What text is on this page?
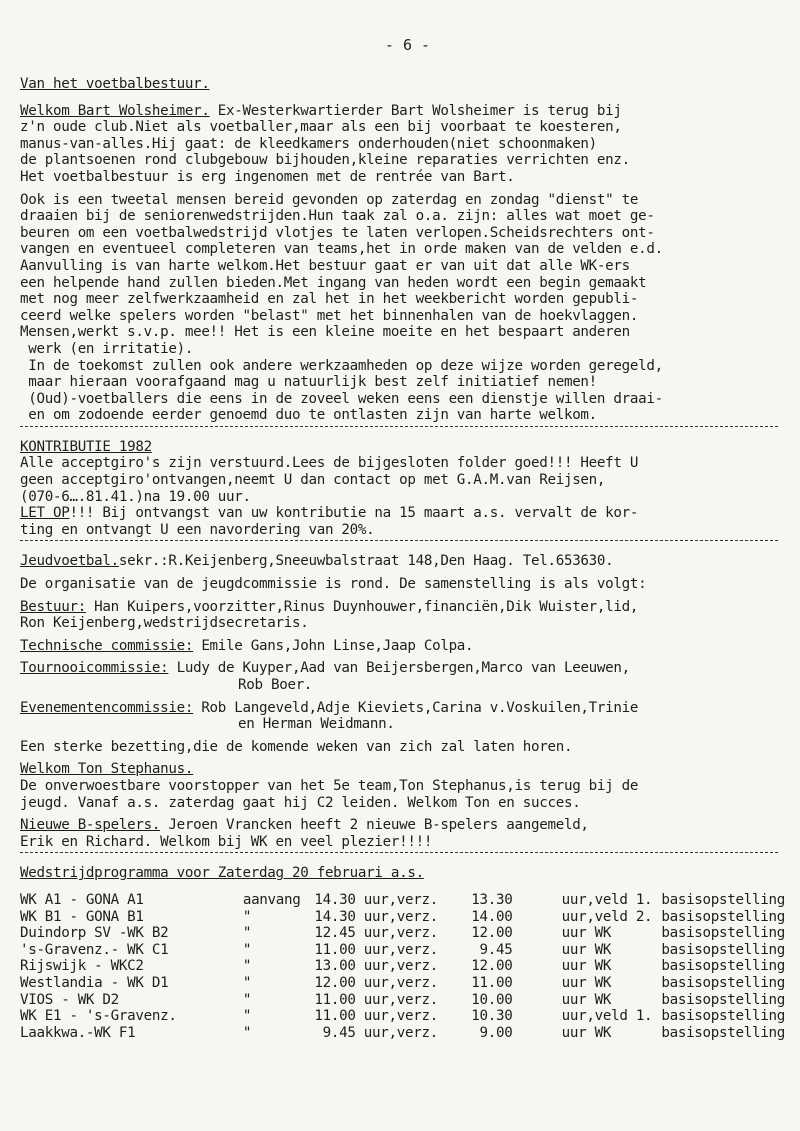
- 6 -
Van het voetbalbestuur.
Welkom Bart Wolsheimer. Ex-Westerkwartierder Bart Wolsheimer is terug bij
z'n oude club.Niet als voetballer,maar als een bij voorbaat te koesteren,
manus-van-alles.Hij gaat: de kleedkamers onderhouden(niet schoonmaken)
de plantsoenen rond clubgebouw bijhouden,kleine reparaties verrichten enz.
Het voetbalbestuur is erg ingenomen met de rentrée van Bart.
Ook is een tweetal mensen bereid gevonden op zaterdag en zondag "dienst" te
draaien bij de seniorenwedstrijden.Hun taak zal o.a. zijn: alles wat moet ge-
beuren om een voetbalwedstrijd vlotjes te laten verlopen.Scheidsrechters ont-
vangen en eventueel completeren van teams,het in orde maken van de velden e.d.
Aanvulling is van harte welkom.Het bestuur gaat er van uit dat alle WK-ers
een helpende hand zullen bieden.Met ingang van heden wordt een begin gemaakt
met nog meer zelfwerkzaamheid en zal het in het weekbericht worden gepubli-
ceerd welke spelers worden "belast" met het binnenhalen van de hoekvlaggen.
Mensen,werkt s.v.p. mee!! Het is een kleine moeite en het bespaart anderen
werk (en irritatie).
In de toekomst zullen ook andere werkzaamheden op deze wijze worden geregeld,
maar hieraan voorafgaand mag u natuurlijk best zelf initiatief nemen!
(Oud)-voetballers die eens in de zoveel weken eens een dienstje willen draai-
en om zodoende eerder genoemd duo te ontlasten zijn van harte welkom.
KONTRIBUTIE 1982
Alle acceptgiro's zijn verstuurd.Lees de bijgesloten folder goed!!! Heeft U
geen acceptgiro'ontvangen,neemt U dan contact op met G.A.M.van Reijsen,
(070-6….81.41.)na 19.00 uur.
LET OP!!! Bij ontvangst van uw kontributie na 15 maart a.s. vervalt de kor-
ting en ontvangt U een navordering van 20%.
Jeudvoetbal.sekr.:R.Keijenberg,Sneeuwbalstraat 148,Den Haag. Tel.653630.
De organisatie van de jeugdcommissie is rond. De samenstelling is als volgt:
Bestuur: Han Kuipers,voorzitter,Rinus Duynhouwer,financiën,Dik Wuister,lid,
Ron Keijenberg,wedstrijdsecretaris.
Technische commissie: Emile Gans,John Linse,Jaap Colpa.
Tournooicommissie: Ludy de Kuyper,Aad van Beijersbergen,Marco van Leeuwen,
Rob Boer.
Evenementencommissie: Rob Langeveld,Adje Kieviets,Carina v.Voskuilen,Trinie
en Herman Weidmann.
Een sterke bezetting,die de komende weken van zich zal laten horen.
Welkom Ton Stephanus.
De onverwoestbare voorstopper van het 5e team,Ton Stephanus,is terug bij de
jeugd. Vanaf a.s. zaterdag gaat hij C2 leiden. Welkom Ton en succes.
Nieuwe B-spelers. Jeroen Vrancken heeft 2 nieuwe B-spelers aangemeld,
Erik en Richard. Welkom bij WK en veel plezier!!!!
Wedstrijdprogramma voor Zaterdag 20 februari a.s.
WK A1 - GONA A1	aanvang	14.30 uur,verz.	13.30	uur,veld 1.	basisopstelling
WK B1 - GONA B1	"	14.30 uur,verz.	14.00	uur,veld 2.	basisopstelling
Duindorp SV -WK B2	"	12.45 uur,verz.	12.00	uur WK	basisopstelling
's-Gravenz.- WK C1	"	11.00 uur,verz.	9.45	uur WK	basisopstelling
Rijswijk - WKC2	"	13.00 uur,verz.	12.00	uur WK	basisopstelling
Westlandia - WK D1	"	12.00 uur,verz.	11.00	uur WK	basisopstelling
VIOS - WK D2	"	11.00 uur,verz.	10.00	uur WK	basisopstelling
WK E1 - 's-Gravenz.	"	11.00 uur,verz.	10.30	uur,veld 1.	basisopstelling
Laakkwa.-WK F1	"	9.45 uur,verz.	9.00	uur WK	basisopstelling
